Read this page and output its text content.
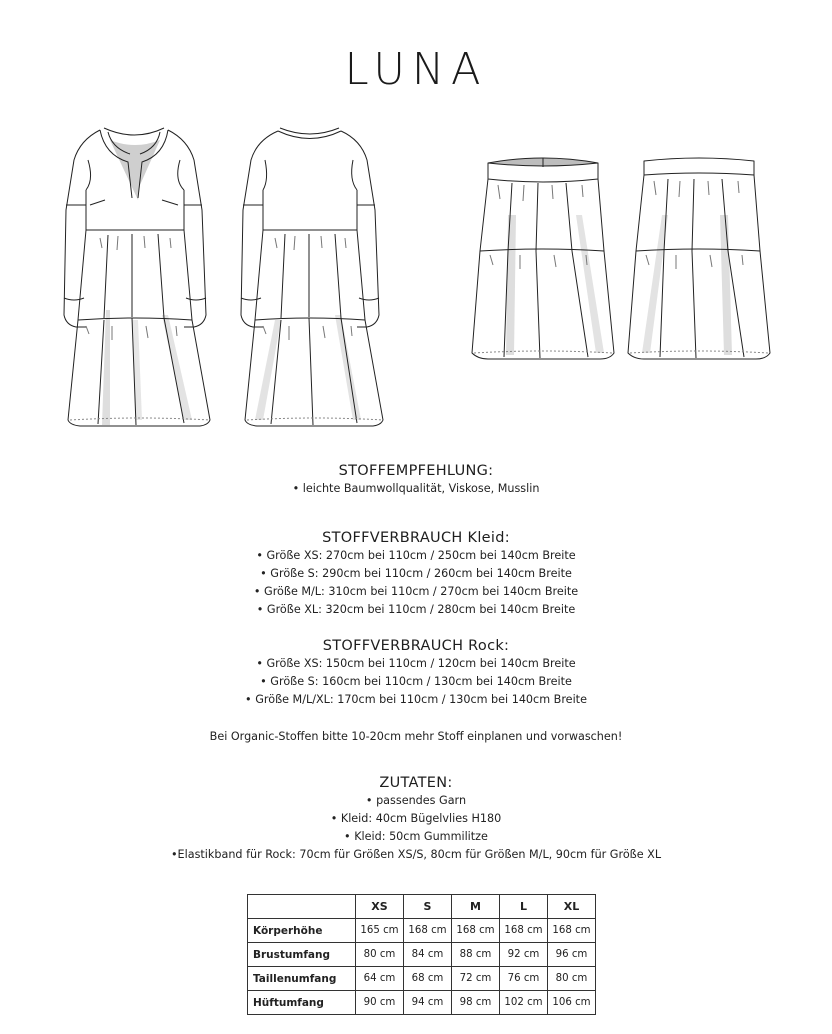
LUNA
STOFFEMPFEHLUNG:
• leichte Baumwollqualität, Viskose, Musslin
STOFFVERBRAUCH Kleid:
• Größe XS: 270cm bei 110cm / 250cm bei 140cm Breite
• Größe S: 290cm bei 110cm / 260cm bei 140cm Breite
• Größe M/L: 310cm bei 110cm / 270cm bei 140cm Breite
• Größe XL: 320cm bei 110cm / 280cm bei 140cm Breite
STOFFVERBRAUCH Rock:
• Größe XS: 150cm bei 110cm / 120cm bei 140cm Breite
• Größe S: 160cm bei 110cm / 130cm bei 140cm Breite
• Größe M/L/XL: 170cm bei 110cm / 130cm bei 140cm Breite
Bei Organic-Stoffen bitte 10-20cm mehr Stoff einplanen und vorwaschen!
ZUTATEN:
• passendes Garn
• Kleid: 40cm Bügelvlies H180
• Kleid: 50cm Gummilitze
•Elastikband für Rock: 70cm für Größen XS/S, 80cm für Größen M/L, 90cm für Größe XL
	XS	S	M	L	XL
Körperhöhe	165 cm	168 cm	168 cm	168 cm	168 cm
Brustumfang	80 cm	84 cm	88 cm	92 cm	96 cm
Taillenumfang	64 cm	68 cm	72 cm	76 cm	80 cm
Hüftumfang	90 cm	94 cm	98 cm	102 cm	106 cm
